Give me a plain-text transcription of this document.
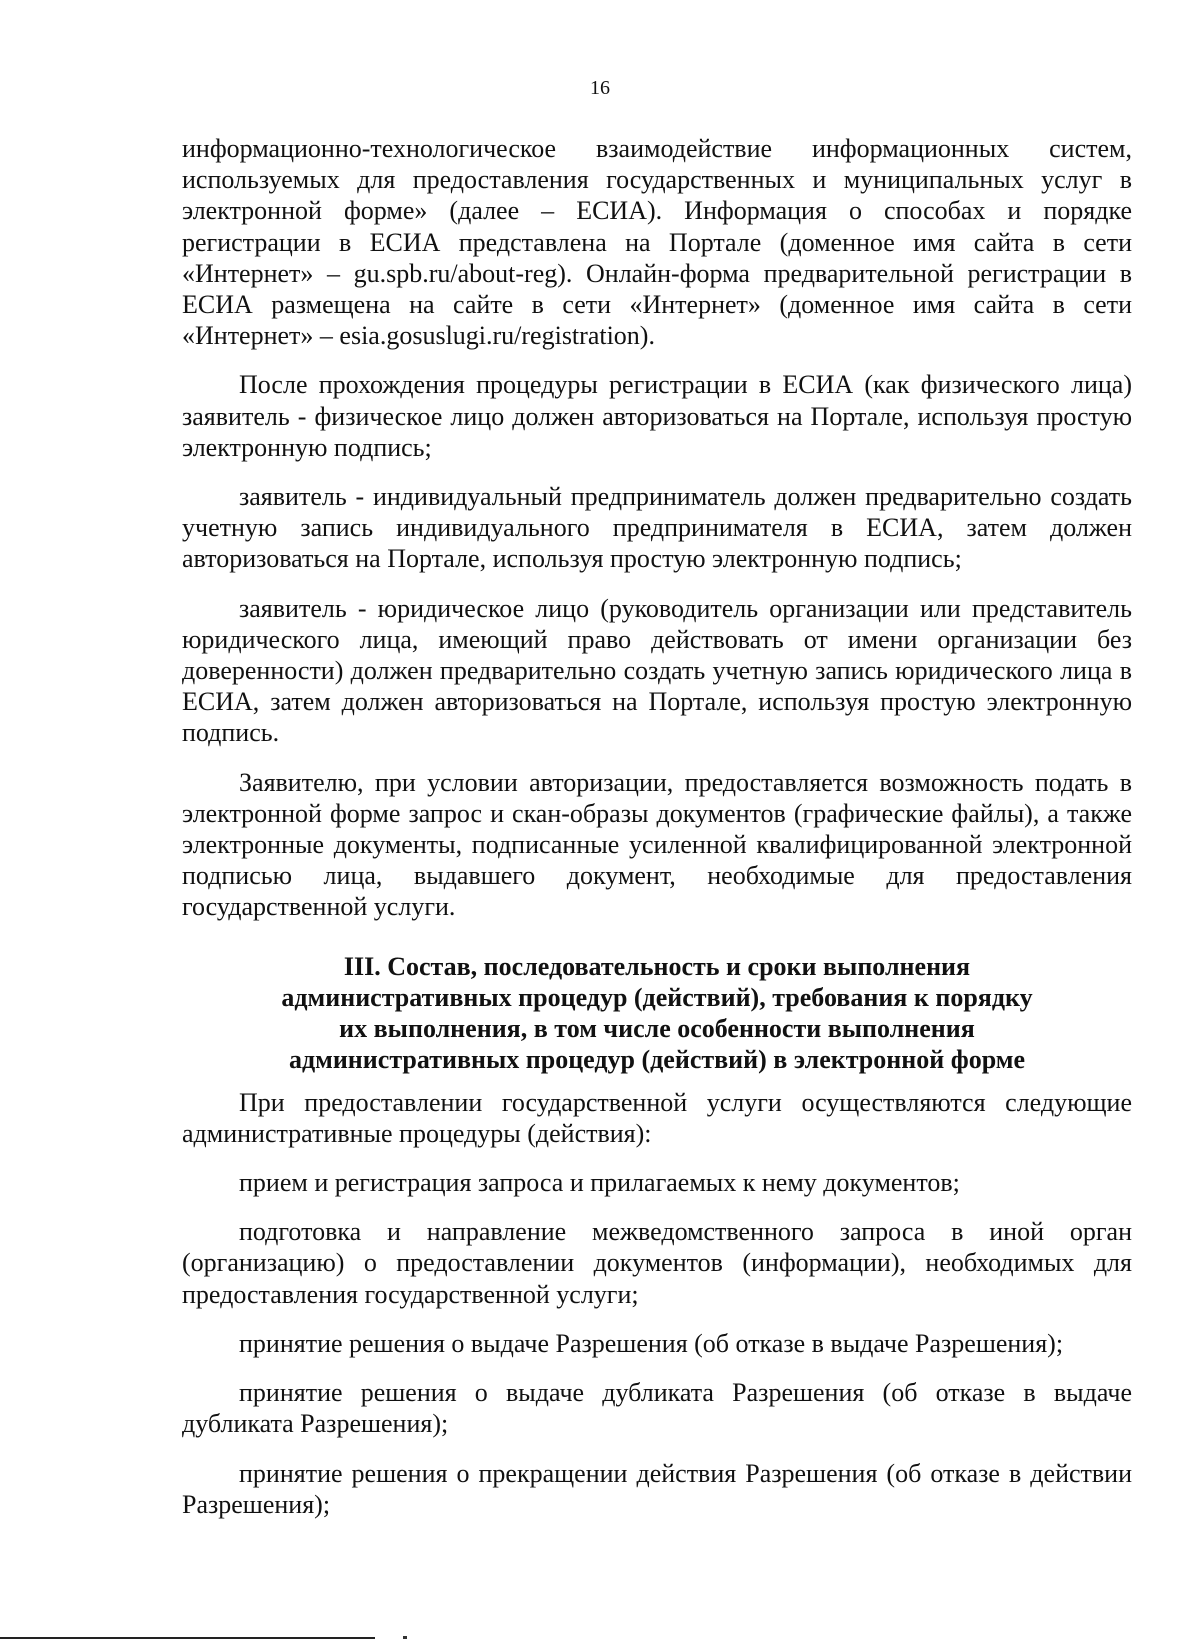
16

информационно-технологическое взаимодействие информационных систем, используемых для предоставления государственных и муниципальных услуг в электронной форме» (далее – ЕСИА). Информация о способах и порядке регистрации в ЕСИА представлена на Портале (доменное имя сайта в сети «Интернет» – gu.spb.ru/about-reg). Онлайн-форма предварительной регистрации в ЕСИА размещена на сайте в сети «Интернет» (доменное имя сайта в сети «Интернет» – esia.gosuslugi.ru/registration).

После прохождения процедуры регистрации в ЕСИА (как физического лица) заявитель - физическое лицо должен авторизоваться на Портале, используя простую электронную подпись;

заявитель - индивидуальный предприниматель должен предварительно создать учетную запись индивидуального предпринимателя в ЕСИА, затем должен авторизоваться на Портале, используя простую электронную подпись;

заявитель - юридическое лицо (руководитель организации или представитель юридического лица, имеющий право действовать от имени организации без доверенности) должен предварительно создать учетную запись юридического лица в ЕСИА, затем должен авторизоваться на Портале, используя простую электронную подпись.

Заявителю, при условии авторизации, предоставляется возможность подать в электронной форме запрос и скан-образы документов (графические файлы), а также электронные документы, подписанные усиленной квалифицированной электронной подписью лица, выдавшего документ, необходимые для предоставления государственной услуги.

III. Состав, последовательность и сроки выполнения
административных процедур (действий), требования к порядку
их выполнения, в том числе особенности выполнения
административных процедур (действий) в электронной форме

При предоставлении государственной услуги осуществляются следующие административные процедуры (действия):

прием и регистрация запроса и прилагаемых к нему документов;

подготовка и направление межведомственного запроса в иной орган (организацию) о предоставлении документов (информации), необходимых для предоставления государственной услуги;

принятие решения о выдаче Разрешения (об отказе в выдаче Разрешения);

принятие решения о выдаче дубликата Разрешения (об отказе в выдаче дубликата Разрешения);

принятие решения о прекращении действия Разрешения (об отказе в действии Разрешения);
